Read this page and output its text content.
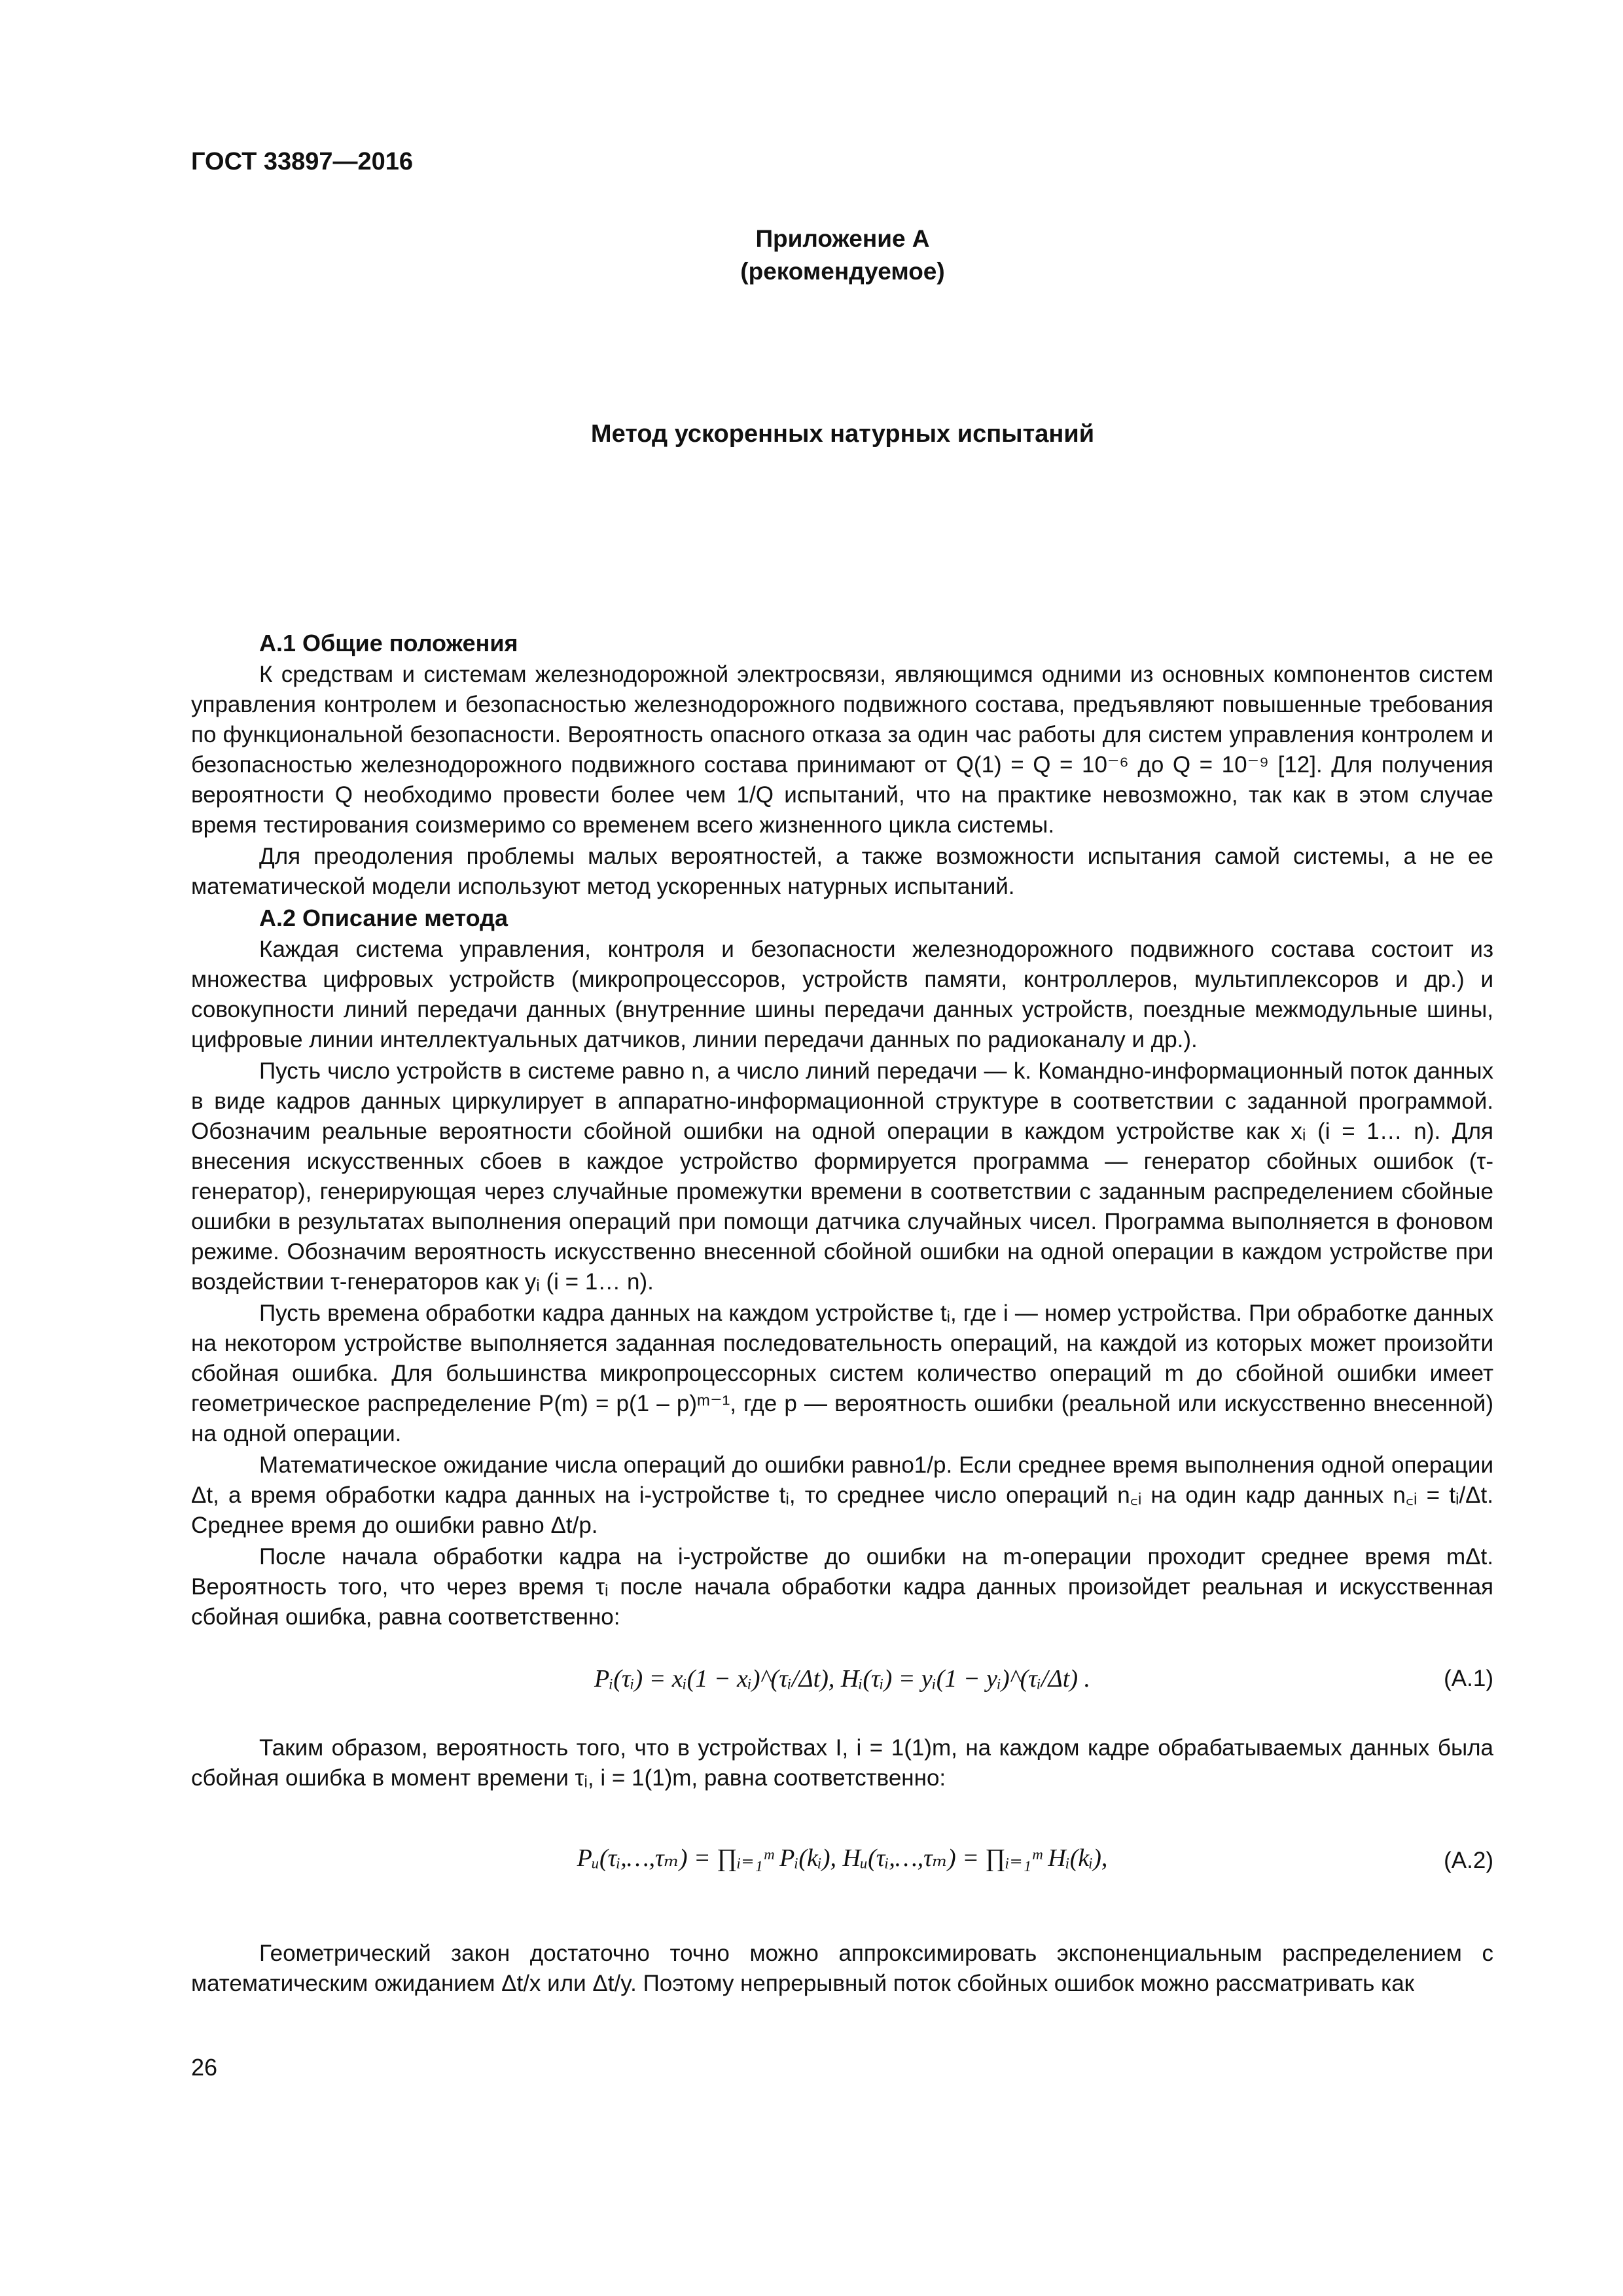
ГОСТ 33897—2016
Приложение А
(рекомендуемое)
Метод ускоренных натурных испытаний
А.1 Общие положения

К средствам и системам железнодорожной электросвязи, являющимся одними из основных компонентов систем управления контролем и безопасностью железнодорожного подвижного состава, предъявляют повышенные требования по функциональной безопасности. Вероятность опасного отказа за один час работы для систем управления контролем и безопасностью железнодорожного подвижного состава принимают от Q(1) = Q = 10⁻⁶ до Q = 10⁻⁹ [12]. Для получения вероятности Q необходимо провести более чем 1/Q испытаний, что на практике невозможно, так как в этом случае время тестирования соизмеримо со временем всего жизненного цикла системы.

Для преодоления проблемы малых вероятностей, а также возможности испытания самой системы, а не ее математической модели используют метод ускоренных натурных испытаний.

А.2 Описание метода

Каждая система управления, контроля и безопасности железнодорожного подвижного состава состоит из множества цифровых устройств (микропроцессоров, устройств памяти, контроллеров, мультиплексоров и др.) и совокупности линий передачи данных (внутренние шины передачи данных устройств, поездные межмодульные шины, цифровые линии интеллектуальных датчиков, линии передачи данных по радиоканалу и др.).

Пусть число устройств в системе равно n, а число линий передачи — k. Командно-информационный поток данных в виде кадров данных циркулирует в аппаратно-информационной структуре в соответствии с заданной программой. Обозначим реальные вероятности сбойной ошибки на одной операции в каждом устройстве как xᵢ (i = 1… n). Для внесения искусственных сбоев в каждое устройство формируется программа — генератор сбойных ошибок (τ-генератор), генерирующая через случайные промежутки времени в соответствии с заданным распределением сбойные ошибки в результатах выполнения операций при помощи датчика случайных чисел. Программа выполняется в фоновом режиме. Обозначим вероятность искусственно внесенной сбойной ошибки на одной операции в каждом устройстве при воздействии τ-генераторов как yᵢ (i = 1… n).

Пусть времена обработки кадра данных на каждом устройстве tᵢ, где i — номер устройства. При обработке данных на некотором устройстве выполняется заданная последовательность операций, на каждой из которых может произойти сбойная ошибка. Для большинства микропроцессорных систем количество операций m до сбойной ошибки имеет геометрическое распределение P(m) = p(1 – p)ᵐ⁻¹, где p — вероятность ошибки (реальной или искусственно внесенной) на одной операции.

Математическое ожидание числа операций до ошибки равно1/p. Если среднее время выполнения одной операции Δt, а время обработки кадра данных на i-устройстве tᵢ, то среднее число операций n꜀ᵢ на один кадр данных n꜀ᵢ = tᵢ/Δt. Среднее время до ошибки равно Δt/p.

После начала обработки кадра на i-устройстве до ошибки на m-операции проходит среднее время mΔt. Вероятность того, что через время τᵢ после начала обработки кадра данных произойдет реальная и искусственная сбойная ошибка, равна соответственно:

Pᵢ(τᵢ) = xᵢ(1 − xᵢ)^(τᵢ/Δt), Hᵢ(τᵢ) = yᵢ(1 − yᵢ)^(τᵢ/Δt) .	(А.1)

Таким образом, вероятность того, что в устройствах I, i = 1(1)m, на каждом кадре обрабатываемых данных была сбойная ошибка в момент времени τᵢ, i = 1(1)m, равна соответственно:

Pᵤ(τᵢ,…,τₘ) = ∏ᵢ₌₁ᵐ Pᵢ(kᵢ), Hᵤ(τᵢ,…,τₘ) = ∏ᵢ₌₁ᵐ Hᵢ(kᵢ),	(А.2)

Геометрический закон достаточно точно можно аппроксимировать экспоненциальным распределением с математическим ожиданием Δt/x или Δt/y. Поэтому непрерывный поток сбойных ошибок можно рассматривать как

26
